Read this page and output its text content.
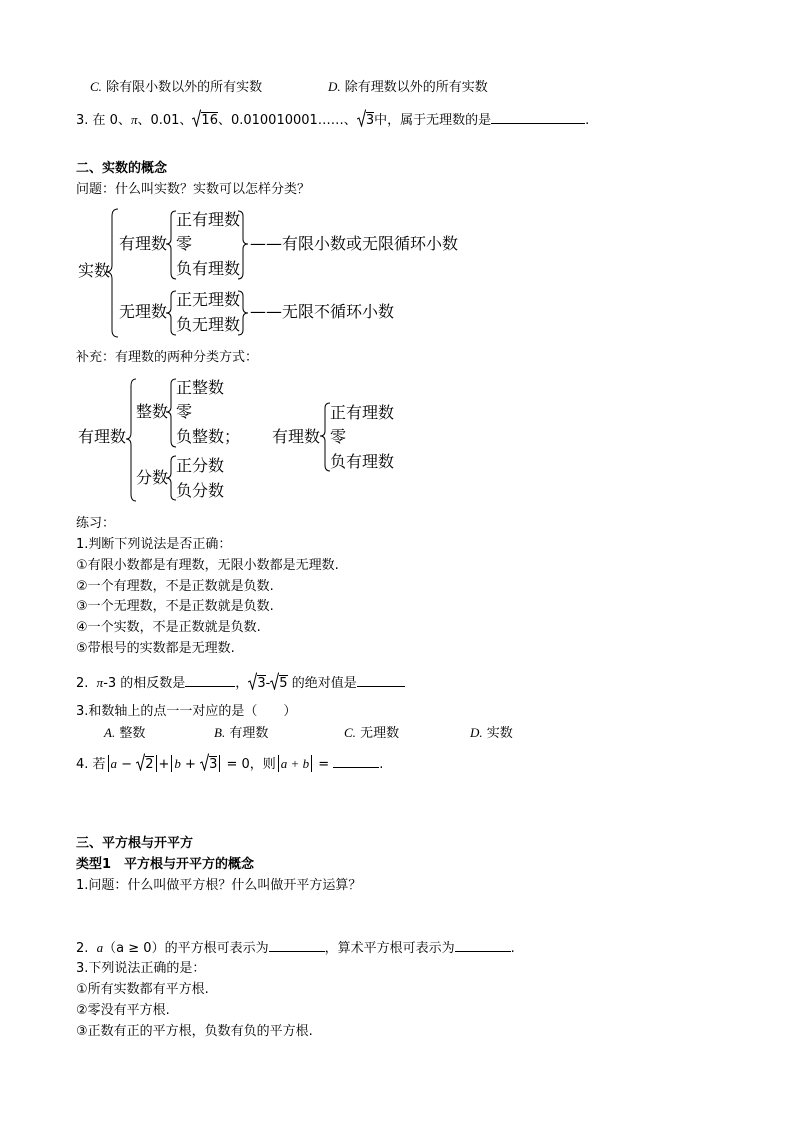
C. 除有限小数以外的所有实数	D. 除有理数以外的所有实数
3. 在 0、π、0.01、 16、0.010010001……、 3中，属于无理数的是	.
二、实数的概念
问题：什么叫实数？实数可以怎样分类？
实数
有理数
正有理数
零
负有理数
——有限小数或无限循环小数
无理数
正无理数
负无理数
——无限不循环小数
补充：有理数的两种分类方式：
有理数
整数
正整数
零
负整数；
分数
正分数
负分数
有理数
正有理数
零
负有理数
练习：
1.判断下列说法是否正确：
①有限小数都是有理数，无限小数都是无理数.
②一个有理数，不是正数就是负数.
③一个无理数，不是正数就是负数.
④一个实数，不是正数就是负数.
⑤带根号的实数都是无理数.
2. π-3 的相反数是	， 3- 5 的绝对值是
3.和数轴上的点一一对应的是（　　）
A. 整数	B. 有理数	C. 无理数	D. 实数
4. 若 a − 2 + b + 3 = 0，则 a + b =	.
三、平方根与开平方
类型1　平方根与开平方的概念
1.问题：什么叫做平方根？什么叫做开平方运算？
2. a（a ≥ 0）的平方根可表示为	，算术平方根可表示为	.
3.下列说法正确的是：
①所有实数都有平方根.
②零没有平方根.
③正数有正的平方根，负数有负的平方根.
